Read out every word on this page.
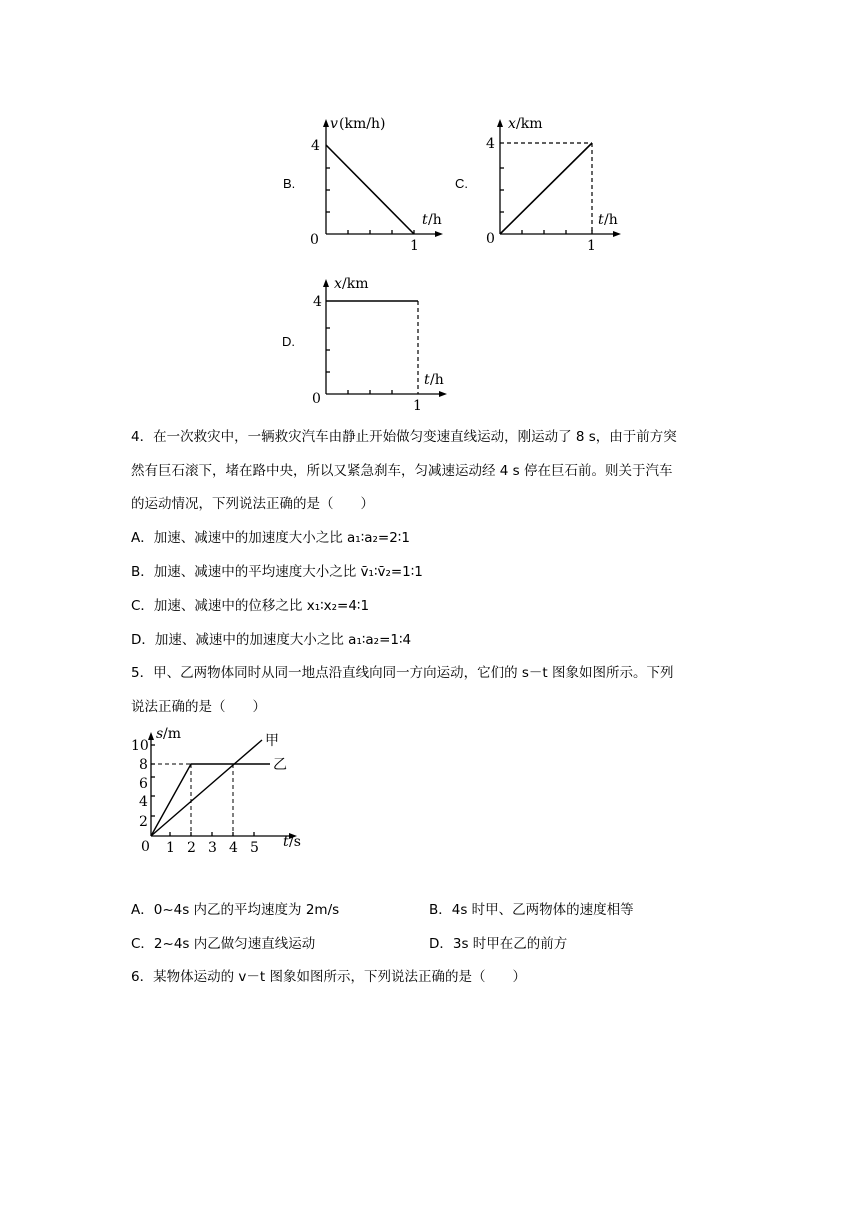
B.
v (km/h)
4
0	1
t /h
C.
x /km
4
0	1
t /h
D.
x /km
4
0	1
t /h
4．在一次救灾中，一辆救灾汽车由静止开始做匀变速直线运动，刚运动了 8 s，由于前方突
然有巨石滚下，堵在路中央，所以又紧急刹车，匀减速运动经 4 s 停在巨石前。则关于汽车
的运动情况，下列说法正确的是（　　）
A．加速、减速中的加速度大小之比 a₁∶a₂=2∶1
B．加速、减速中的平均速度大小之比 v̄₁∶v̄₂=1∶1
C．加速、减速中的位移之比 x₁∶x₂=4∶1
D．加速、减速中的加速度大小之比 a₁∶a₂=1∶4
5．甲、乙两物体同时从同一地点沿直线向同一方向运动，它们的 s－t 图象如图所示。下列
说法正确的是（　　）
甲
乙
s /m
10
8
6
4
2
0 1 2 3 4 5 t /s
A．0~4s 内乙的平均速度为 2m/s	B．4s 时甲、乙两物体的速度相等
C．2~4s 内乙做匀速直线运动	D．3s 时甲在乙的前方
6．某物体运动的 v－t 图象如图所示，下列说法正确的是（　　）
